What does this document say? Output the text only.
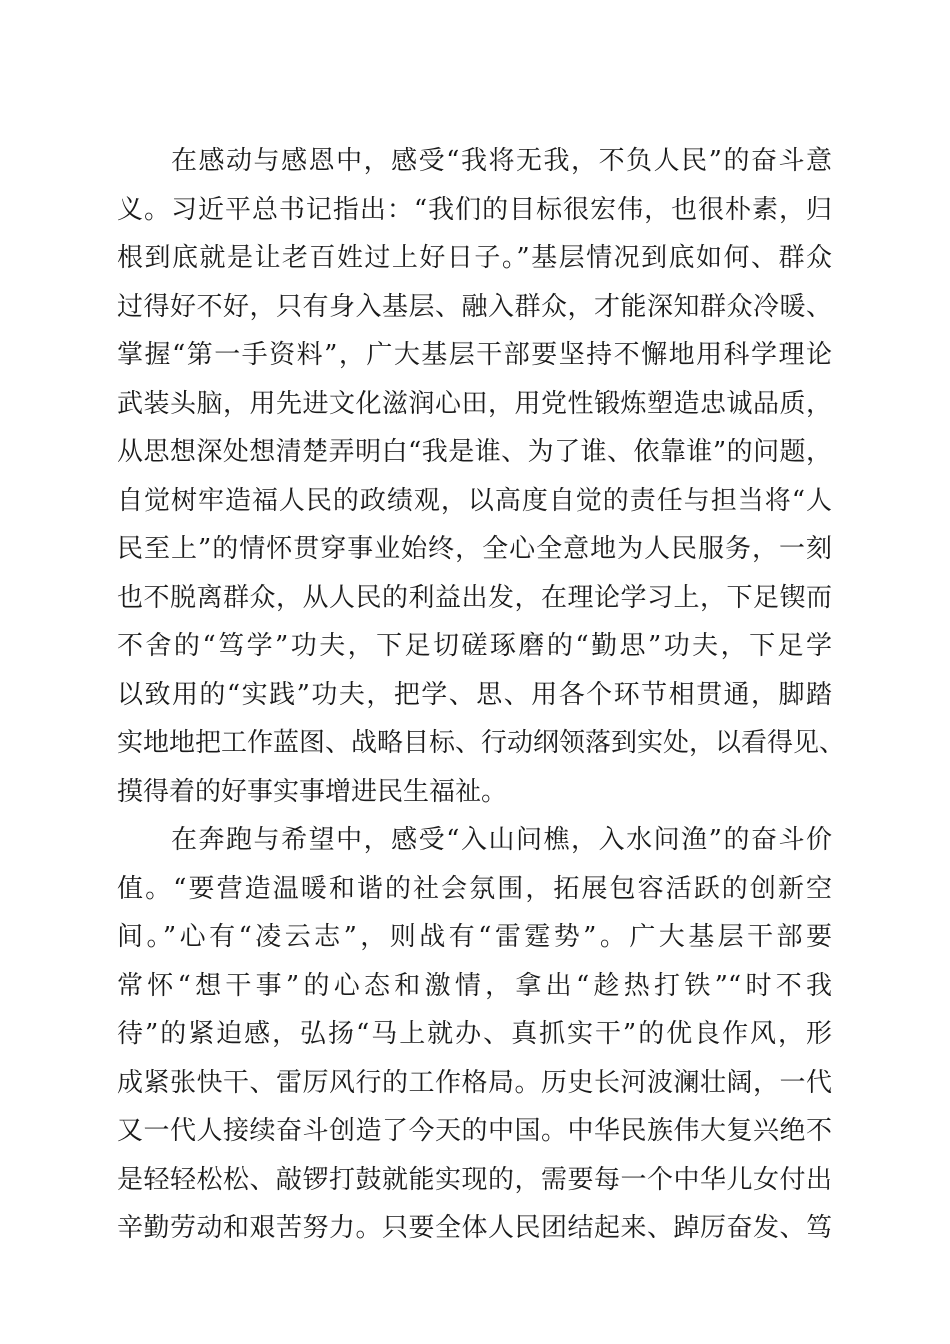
在感动与感恩中，感受“我将无我，不负人民”的奋斗意
义。习近平总书记指出：“我们的目标很宏伟，也很朴素，归
根到底就是让老百姓过上好日子。”基层情况到底如何、群众
过得好不好，只有身入基层、融入群众，才能深知群众冷暖、
掌握“第一手资料”，广大基层干部要坚持不懈地用科学理论
武装头脑，用先进文化滋润心田，用党性锻炼塑造忠诚品质，
从思想深处想清楚弄明白“我是谁、为了谁、依靠谁”的问题，
自觉树牢造福人民的政绩观，以高度自觉的责任与担当将“人
民至上”的情怀贯穿事业始终，全心全意地为人民服务，一刻
也不脱离群众，从人民的利益出发，在理论学习上，下足锲而
不舍的“笃学”功夫，下足切磋琢磨的“勤思”功夫，下足学
以致用的“实践”功夫，把学、思、用各个环节相贯通，脚踏
实地地把工作蓝图、战略目标、行动纲领落到实处，以看得见、
摸得着的好事实事增进民生福祉。
在奔跑与希望中，感受“入山问樵，入水问渔”的奋斗价
值。“要营造温暖和谐的社会氛围，拓展包容活跃的创新空
间。”心有“凌云志”，则战有“雷霆势”。广大基层干部要
常怀“想干事”的心态和激情，拿出“趁热打铁”“时不我
待”的紧迫感，弘扬“马上就办、真抓实干”的优良作风，形
成紧张快干、雷厉风行的工作格局。历史长河波澜壮阔，一代
又一代人接续奋斗创造了今天的中国。中华民族伟大复兴绝不
是轻轻松松、敲锣打鼓就能实现的，需要每一个中华儿女付出
辛勤劳动和艰苦努力。只要全体人民团结起来、踔厉奋发、笃
